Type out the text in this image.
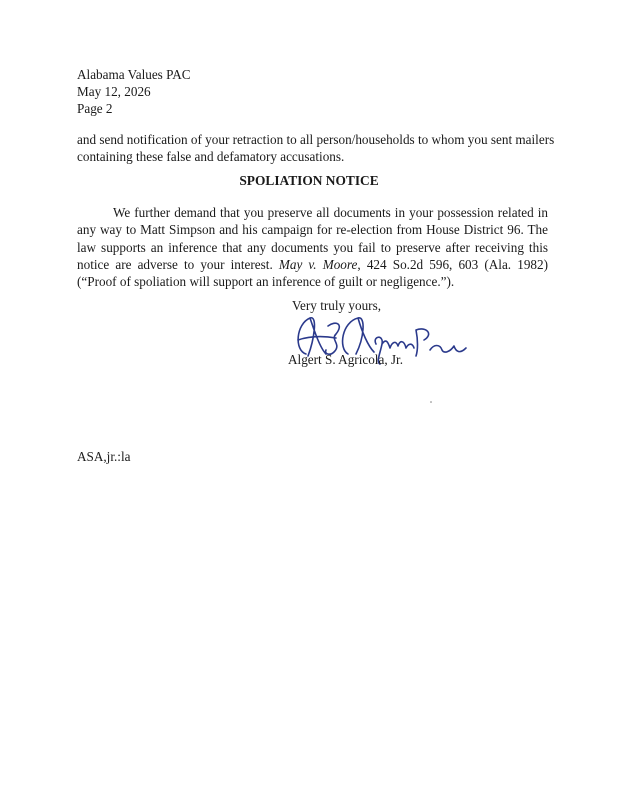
Alabama Values PAC
May 12, 2026
Page 2
and send notification of your retraction to all person/households to whom you sent mailers
containing these false and defamatory accusations.
SPOLIATION NOTICE

We further demand that you preserve all documents in your possession related in any way to Matt Simpson and his campaign for re-election from House District 96. The law supports an inference that any documents you fail to preserve after receiving this notice are adverse to your interest. May v. Moore, 424 So.2d 596, 603 (Ala. 1982) (“Proof of spoliation will support an inference of guilt or negligence.”).

Very truly yours,
Algert S. Agricola, Jr.
ASA,jr.:la
